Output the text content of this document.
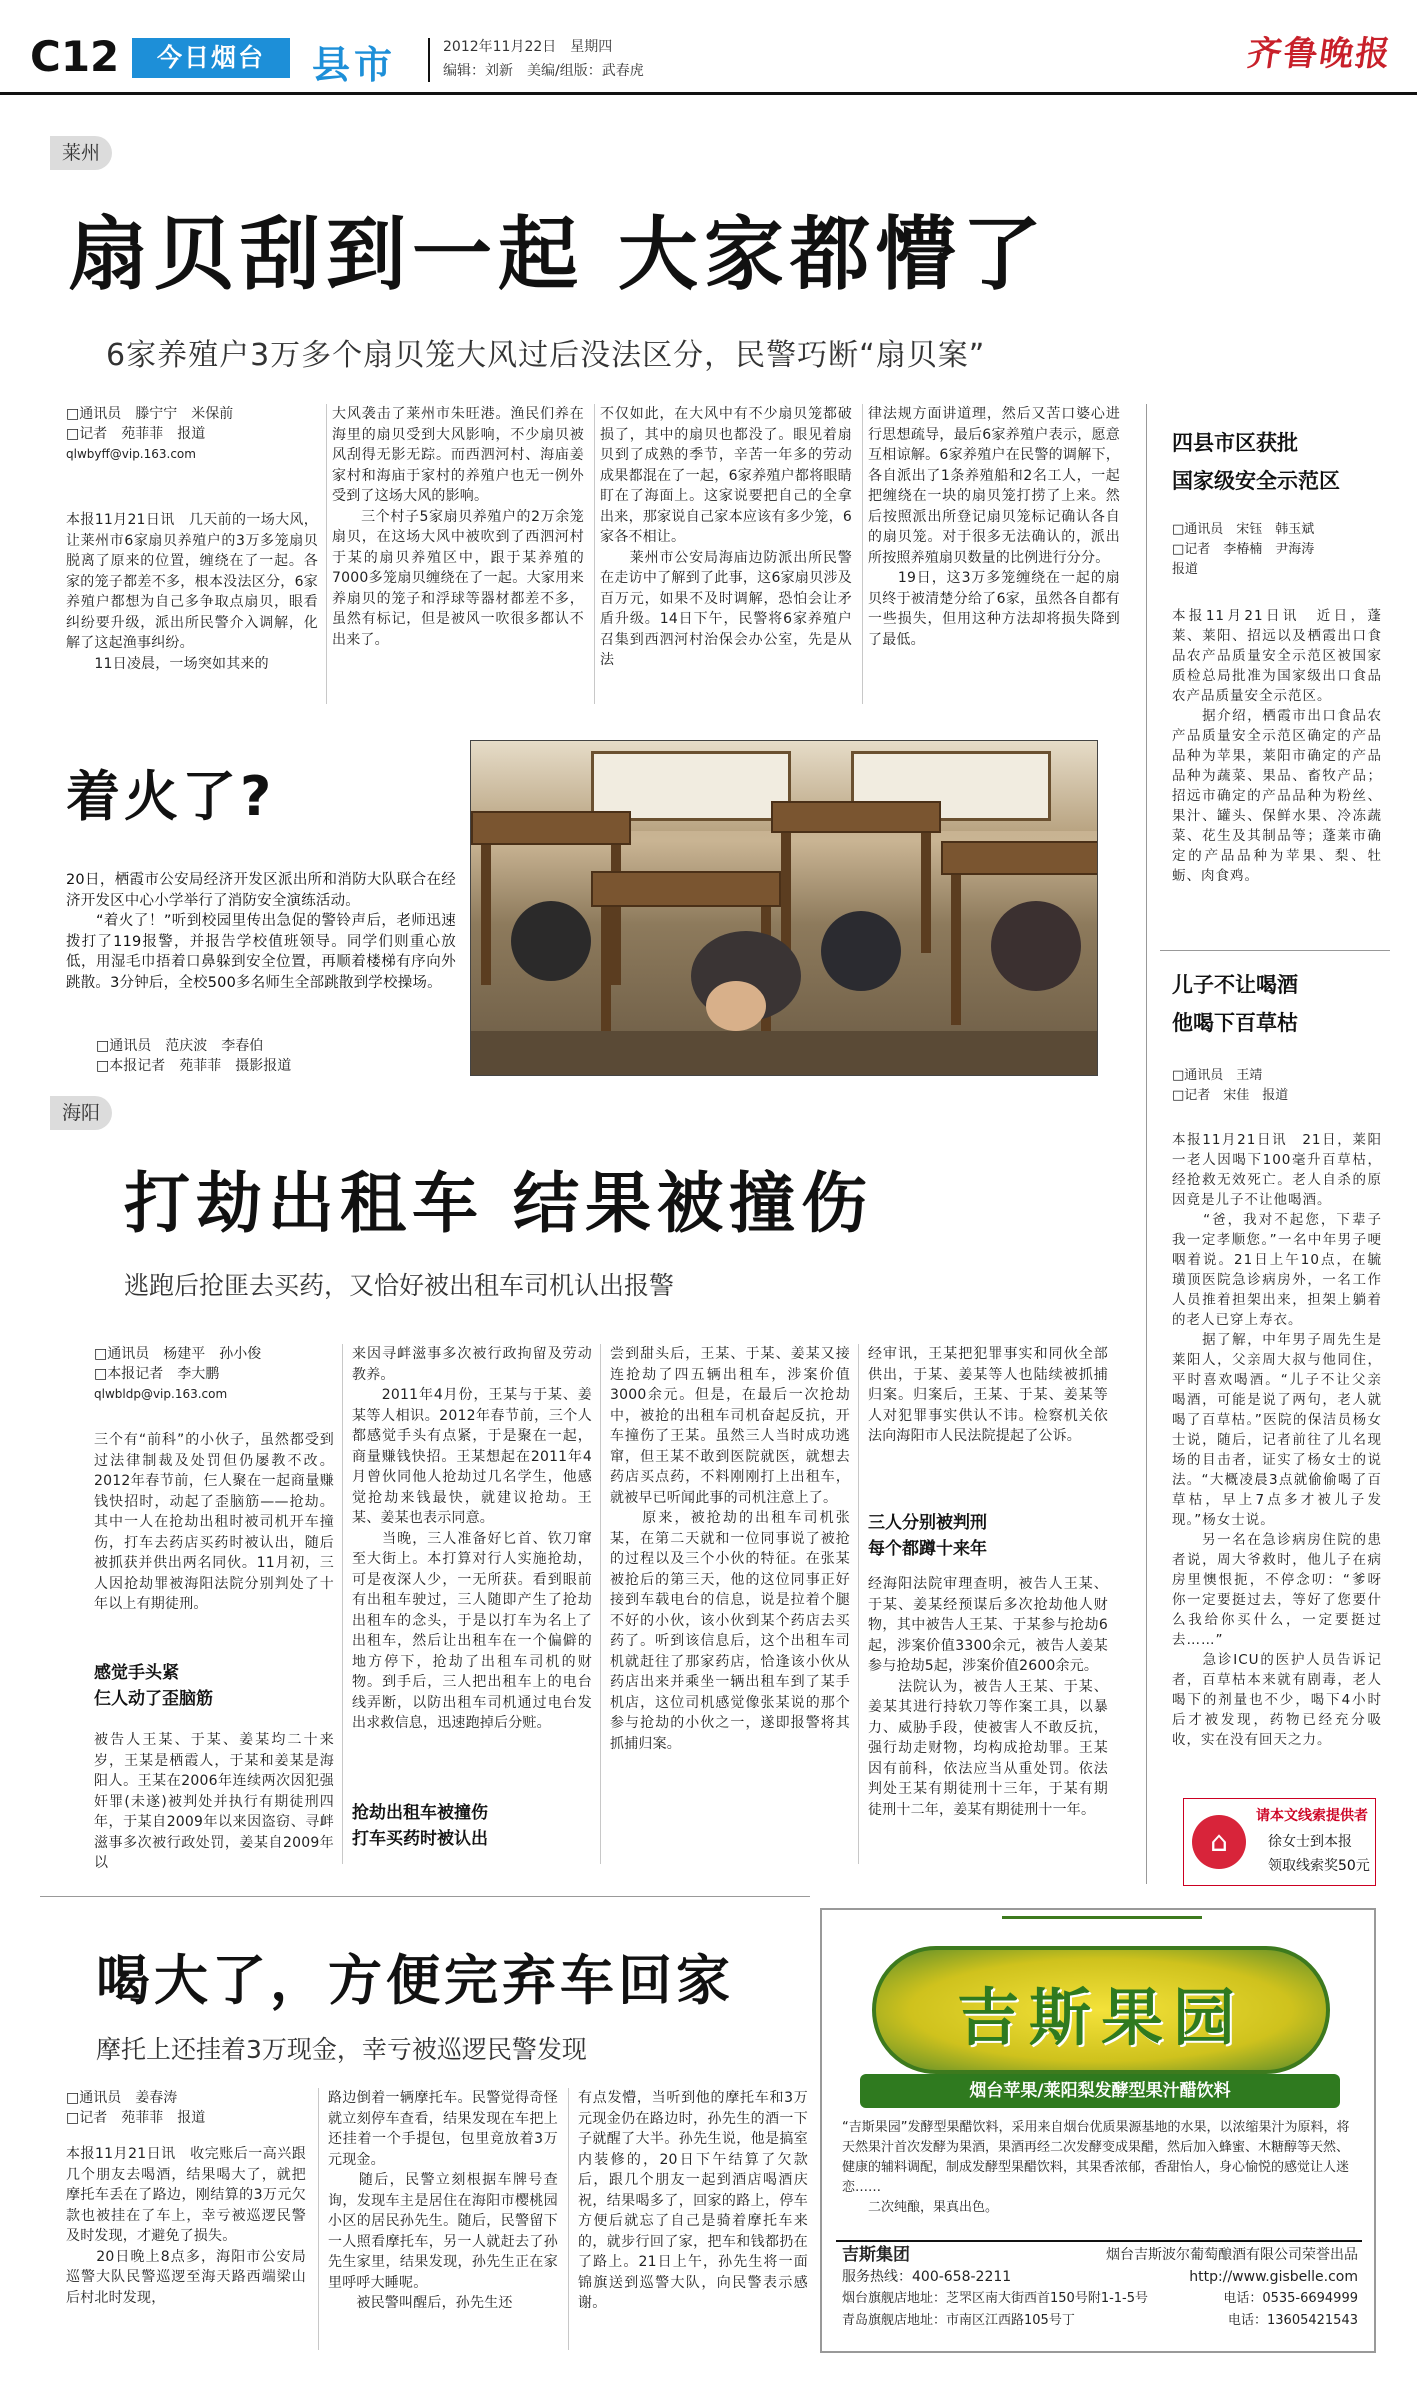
C12	今日烟台	县市	2012年11月22日　星期四
编辑：刘新　美编/组版：武春虎	齐鲁晚报
莱州
扇贝刮到一起 大家都懵了
6家养殖户3万多个扇贝笼大风过后没法区分，民警巧断“扇贝案”
□通讯员　滕宁宁　米保前
□记者　苑菲菲　报道
qlwbyff@vip.163.com
本报11月21日讯　几天前的一场大风，让莱州市6家扇贝养殖户的3万多笼扇贝脱离了原来的位置，缠绕在了一起。各家的笼子都差不多，根本没法区分，6家养殖户都想为自己多争取点扇贝，眼看纠纷要升级，派出所民警介入调解，化解了这起渔事纠纷。
　　11日凌晨，一场突如其来的
大风袭击了莱州市朱旺港。渔民们养在海里的扇贝受到大风影响，不少扇贝被风刮得无影无踪。而西泗河村、海庙姜家村和海庙于家村的养殖户也无一例外受到了这场大风的影响。
　　三个村子5家扇贝养殖户的2万余笼扇贝，在这场大风中被吹到了西泗河村于某的扇贝养殖区中，跟于某养殖的7000多笼扇贝缠绕在了一起。大家用来养扇贝的笼子和浮球等器材都差不多，虽然有标记，但是被风一吹很多都认不出来了。
不仅如此，在大风中有不少扇贝笼都破损了，其中的扇贝也都没了。眼见着扇贝到了成熟的季节，辛苦一年多的劳动成果都混在了一起，6家养殖户都将眼睛盯在了海面上。这家说要把自己的全拿出来，那家说自己家本应该有多少笼，6家各不相让。
　　莱州市公安局海庙边防派出所民警在走访中了解到了此事，这6家扇贝涉及百万元，如果不及时调解，恐怕会让矛盾升级。14日下午，民警将6家养殖户召集到西泗河村治保会办公室，先是从法
律法规方面讲道理，然后又苦口婆心进行思想疏导，最后6家养殖户表示，愿意互相谅解。6家养殖户在民警的调解下，各自派出了1条养殖船和2名工人，一起把缠绕在一块的扇贝笼打捞了上来。然后按照派出所登记扇贝笼标记确认各自的扇贝笼。对于很多无法确认的，派出所按照养殖扇贝数量的比例进行分分。
　　19日，这3万多笼缠绕在一起的扇贝终于被清楚分给了6家，虽然各自都有一些损失，但用这种方法却将损失降到了最低。
着火了?
20日，栖霞市公安局经济开发区派出所和消防大队联合在经济开发区中心小学举行了消防安全演练活动。
　　“着火了！”听到校园里传出急促的警铃声后，老师迅速拨打了119报警，并报告学校值班领导。同学们则重心放低，用湿毛巾捂着口鼻躲到安全位置，再顺着楼梯有序向外跳散。3分钟后，全校500多名师生全部跳散到学校操场。
□通讯员　范庆波　李春伯
□本报记者　苑菲菲　摄影报道
海阳
打劫出租车 结果被撞伤
逃跑后抢匪去买药，又恰好被出租车司机认出报警
□通讯员　杨建平　孙小俊
□本报记者　李大鹏
qlwbldp@vip.163.com
三个有“前科”的小伙子，虽然都受到过法律制裁及处罚但仍屡教不改。2012年春节前，仨人聚在一起商量赚钱快招时，动起了歪脑筋——抢劫。其中一人在抢劫出租时被司机开车撞伤，打车去药店买药时被认出，随后被抓获并供出两名同伙。11月初，三人因抢劫罪被海阳法院分别判处了十年以上有期徒刑。
感觉手头紧
仨人动了歪脑筋
被告人王某、于某、姜某均二十来岁，王某是栖霞人，于某和姜某是海阳人。王某在2006年连续两次因犯强奸罪(未遂)被判处并执行有期徒刑四年，于某自2009年以来因盗窃、寻衅滋事多次被行政处罚，姜某自2009年以
来因寻衅滋事多次被行政拘留及劳动教养。
　　2011年4月份，王某与于某、姜某等人相识。2012年春节前，三个人都感觉手头有点紧，于是聚在一起，商量赚钱快招。王某想起在2011年4月曾伙同他人抢劫过几名学生，他感觉抢劫来钱最快，就建议抢劫。王某、姜某也表示同意。
　　当晚，三人准备好匕首、钦刀窜至大街上。本打算对行人实施抢劫，可是夜深人少，一无所获。看到眼前有出租车驶过，三人随即产生了抢劫出租车的念头，于是以打车为名上了出租车，然后让出租车在一个偏僻的地方停下，抢劫了出租车司机的财物。到手后，三人把出租车上的电台线弄断，以防出租车司机通过电台发出求救信息，迅速跑掉后分赃。
抢劫出租车被撞伤
打车买药时被认出
尝到甜头后，王某、于某、姜某又接连抢劫了四五辆出租车，涉案价值3000余元。但是，在最后一次抢劫中，被抢的出租车司机奋起反抗，开车撞伤了王某。虽然三人当时成功逃窜，但王某不敢到医院就医，就想去药店买点药，不料刚刚打上出租车，就被早已听闻此事的司机注意上了。
　　原来，被抢劫的出租车司机张某，在第二天就和一位同事说了被抢的过程以及三个小伙的特征。在张某被抢后的第三天，他的这位同事正好接到车载电台的信息，说是拉着个腿不好的小伙，该小伙到某个药店去买药了。听到该信息后，这个出租车司机就赶往了那家药店，恰逢该小伙从药店出来并乘坐一辆出租车到了某手机店，这位司机感觉像张某说的那个参与抢劫的小伙之一，遂即报警将其抓捕归案。
经审讯，王某把犯罪事实和同伙全部供出，于某、姜某等人也陆续被抓捕归案。归案后，王某、于某、姜某等人对犯罪事实供认不讳。检察机关依法向海阳市人民法院提起了公诉。
三人分别被判刑
每个都蹲十来年
经海阳法院审理查明，被告人王某、于某、姜某经预谋后多次抢劫他人财物，其中被告人王某、于某参与抢劫6起，涉案价值3300余元，被告人姜某参与抢劫5起，涉案价值2600余元。
　　法院认为，被告人王某、于某、姜某其进行持软刀等作案工具，以暴力、威胁手段，使被害人不敢反抗，强行劫走财物，均构成抢劫罪。王某因有前科，依法应当从重处罚。依法判处王某有期徒刑十三年，于某有期徒刑十二年，姜某有期徒刑十一年。
四县市区获批
国家级安全示范区
□通讯员　宋钰　韩玉斌
□记者　李椿楠　尹海涛
报道
本报11月21日讯　近日，蓬莱、莱阳、招远以及栖霞出口食品农产品质量安全示范区被国家质检总局批准为国家级出口食品农产品质量安全示范区。
　　据介绍，栖霞市出口食品农产品质量安全示范区确定的产品品种为苹果，莱阳市确定的产品品种为蔬菜、果品、畜牧产品；招远市确定的产品品种为粉丝、果汁、罐头、保鲜水果、冷冻蔬菜、花生及其制品等；蓬莱市确定的产品品种为苹果、梨、牡蛎、肉食鸡。
儿子不让喝酒
他喝下百草枯
□通讯员　王靖
□记者　宋佳　报道
本报11月21日讯　21日，莱阳一老人因喝下100毫升百草枯，经抢救无效死亡。老人自杀的原因竟是儿子不让他喝酒。
　　“爸，我对不起您，下辈子我一定孝顺您。”一名中年男子哽咽着说。21日上午10点，在毓璜顶医院急诊病房外，一名工作人员推着担架出来，担架上躺着的老人已穿上寿衣。
　　据了解，中年男子周先生是莱阳人，父亲周大叔与他同住，平时喜欢喝酒。“儿子不让父亲喝酒，可能是说了两句，老人就喝了百草枯。”医院的保洁员杨女士说，随后，记者前往了儿名现场的目击者，证实了杨女士的说法。“大概凌晨3点就偷偷喝了百草枯，早上7点多才被儿子发现。”杨女士说。
　　另一名在急诊病房住院的患者说，周大爷救时，他儿子在病房里懊恨扼，不停念叨：“爹呀你一定要挺过去，等好了您要什么我给你买什么，一定要挺过去……”
　　急诊ICU的医护人员告诉记者，百草枯本来就有剧毒，老人喝下的剂量也不少，喝下4小时后才被发现，药物已经充分吸收，实在没有回天之力。
⌂
请本文线索提供者
徐女士到本报
领取线索奖50元
喝大了，方便完弃车回家
摩托上还挂着3万现金，幸亏被巡逻民警发现
□通讯员　姜春涛
□记者　苑菲菲　报道
本报11月21日讯　收完账后一高兴跟几个朋友去喝酒，结果喝大了，就把摩托车丢在了路边，刚结算的3万元欠款也被挂在了车上，幸亏被巡逻民警及时发现，才避免了损失。
　　20日晚上8点多，海阳市公安局巡警大队民警巡逻至海天路西端梁山后村北时发现，
路边倒着一辆摩托车。民警觉得奇怪就立刻停车查看，结果发现在车把上还挂着一个手提包，包里竟放着3万元现金。
　　随后，民警立刻根据车牌号查询，发现车主是居住在海阳市樱桃园小区的居民孙先生。随后，民警留下一人照看摩托车，另一人就赶去了孙先生家里，结果发现，孙先生正在家里呼呼大睡呢。
　　被民警叫醒后，孙先生还
有点发懵，当听到他的摩托车和3万元现金仍在路边时，孙先生的酒一下子就醒了大半。孙先生说，他是搞室内装修的，20日下午结算了欠款后，跟几个朋友一起到酒店喝酒庆祝，结果喝多了，回家的路上，停车方便后就忘了自己是骑着摩托车来的，就步行回了家，把车和钱都扔在了路上。21日上午，孙先生将一面锦旗送到巡警大队，向民警表示感谢。
吉斯果园
烟台苹果/莱阳梨发酵型果汁醋饮料
“吉斯果园”发酵型果醋饮料，采用来自烟台优质果源基地的水果，以浓缩果汁为原料，将天然果汁首次发酵为果酒，果酒再经二次发酵变成果醋，然后加入蜂蜜、木糖醇等天然、健康的辅料调配，制成发酵型果醋饮料，其果香浓郁，香甜怡人，身心愉悦的感觉让人迷恋……
　　二次纯酿，果真出色。
吉斯集团	烟台吉斯波尔葡萄酿酒有限公司荣誉出品
服务热线：400-658-2211	http://www.gisbelle.com
烟台旗舰店地址：芝罘区南大街西首150号附1-1-5号	电话：0535-6694999
青岛旗舰店地址：市南区江西路105号丁	电话：13605421543
